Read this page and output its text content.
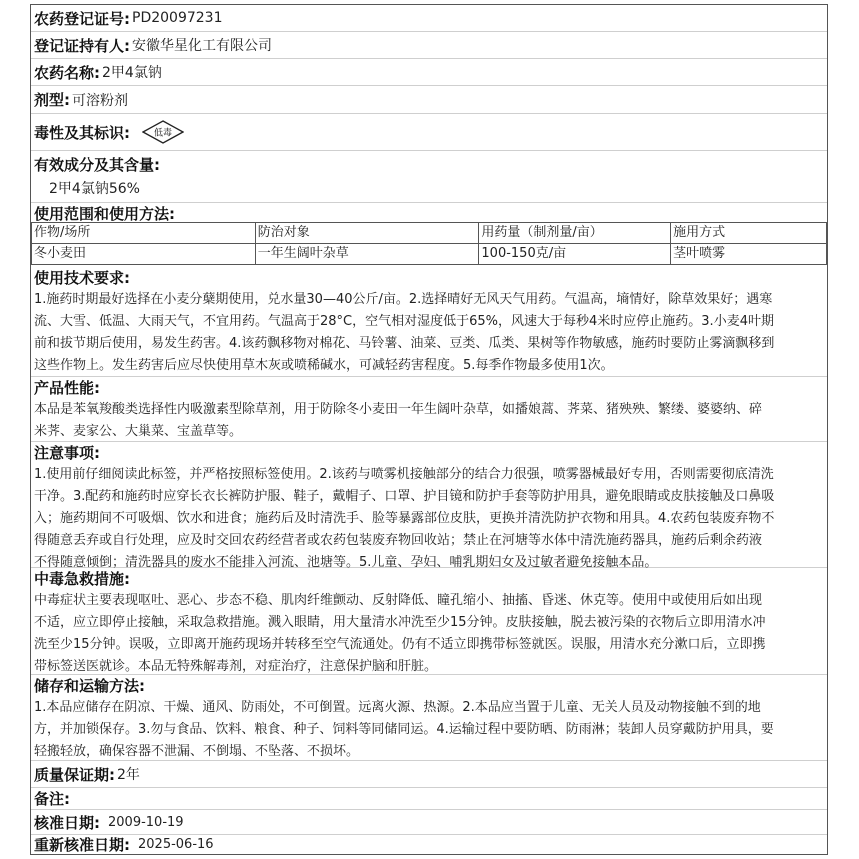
农药登记证号: PD20097231
登记证持有人: 安徽华星化工有限公司
农药名称: 2甲4氯钠
剂型: 可溶粉剂
毒性及其标识:	低毒
有效成分及其含量:
2甲4氯钠56%
使用范围和使用方法:
作物/场所	防治对象	用药量（制剂量/亩）	施用方式
冬小麦田	一年生阔叶杂草	100-150克/亩	茎叶喷雾
使用技术要求:
1.施药时期最好选择在小麦分蘖期使用，兑水量30—40公斤/亩。2.选择晴好无风天气用药。气温高，墒情好，除草效果好；遇寒
流、大雪、低温、大雨天气，不宜用药。气温高于28°C，空气相对湿度低于65%，风速大于每秒4米时应停止施药。3.小麦4叶期
前和拔节期后使用，易发生药害。4.该药飘移物对棉花、马铃薯、油菜、豆类、瓜类、果树等作物敏感，施药时要防止雾滴飘移到
这些作物上。发生药害后应尽快使用草木灰或喷稀碱水，可减轻药害程度。5.每季作物最多使用1次。
产品性能:
本品是苯氧羧酸类选择性内吸激素型除草剂，用于防除冬小麦田一年生阔叶杂草，如播娘蒿、荠菜、猪殃殃、繁缕、婆婆纳、碎
米荠、麦家公、大巢菜、宝盖草等。
注意事项:
1.使用前仔细阅读此标签，并严格按照标签使用。2.该药与喷雾机接触部分的结合力很强，喷雾器械最好专用，否则需要彻底清洗
干净。3.配药和施药时应穿长衣长裤防护服、鞋子，戴帽子、口罩、护目镜和防护手套等防护用具，避免眼睛或皮肤接触及口鼻吸
入；施药期间不可吸烟、饮水和进食；施药后及时清洗手、脸等暴露部位皮肤，更换并清洗防护衣物和用具。4.农药包装废弃物不
得随意丢弃或自行处理，应及时交回农药经营者或农药包装废弃物回收站；禁止在河塘等水体中清洗施药器具，施药后剩余药液
不得随意倾倒；清洗器具的废水不能排入河流、池塘等。5.儿童、孕妇、哺乳期妇女及过敏者避免接触本品。
中毒急救措施:
中毒症状主要表现呕吐、恶心、步态不稳、肌肉纤维颤动、反射降低、瞳孔缩小、抽搐、昏迷、休克等。使用中或使用后如出现
不适，应立即停止接触，采取急救措施。溅入眼睛，用大量清水冲洗至少15分钟。皮肤接触，脱去被污染的衣物后立即用清水冲
洗至少15分钟。误吸，立即离开施药现场并转移至空气流通处。仍有不适立即携带标签就医。误服，用清水充分漱口后，立即携
带标签送医就诊。本品无特殊解毒剂，对症治疗，注意保护脑和肝脏。
储存和运输方法:
1.本品应储存在阴凉、干燥、通风、防雨处，不可倒置。远离火源、热源。2.本品应当置于儿童、无关人员及动物接触不到的地
方，并加锁保存。3.勿与食品、饮料、粮食、种子、饲料等同储同运。4.运输过程中要防晒、防雨淋；装卸人员穿戴防护用具，要
轻搬轻放，确保容器不泄漏、不倒塌、不坠落、不损坏。
质量保证期: 2年
备注:
核准日期: 2009-10-19
重新核准日期: 2025-06-16
